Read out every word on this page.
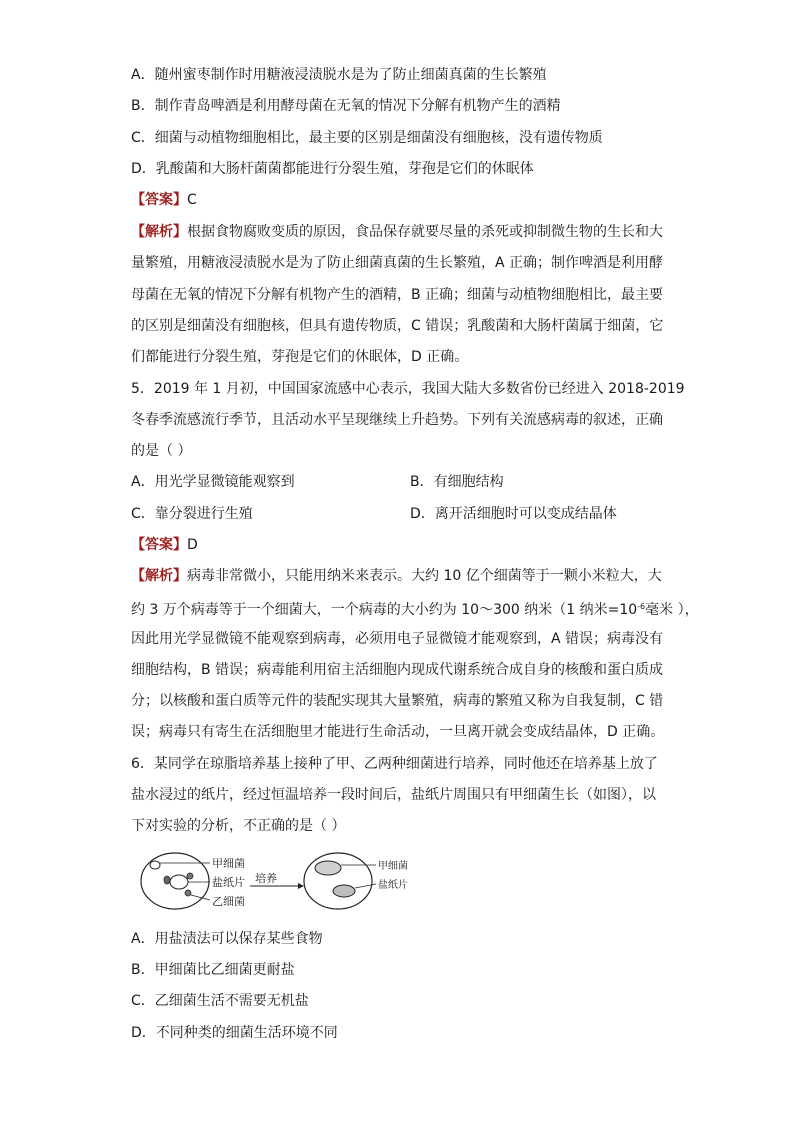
A．随州蜜枣制作时用糖液浸渍脱水是为了防止细菌真菌的生长繁殖
B．制作青岛啤酒是利用酵母菌在无氧的情况下分解有机物产生的酒精
C．细菌与动植物细胞相比，最主要的区别是细菌没有细胞核，没有遗传物质
D．乳酸菌和大肠杆菌菌都能进行分裂生殖，芽孢是它们的休眠体
【答案】C
【解析】根据食物腐败变质的原因，食品保存就要尽量的杀死或抑制微生物的生长和大
量繁殖，用糖液浸渍脱水是为了防止细菌真菌的生长繁殖，A 正确；制作啤酒是利用酵
母菌在无氧的情况下分解有机物产生的酒精，B 正确；细菌与动植物细胞相比，最主要
的区别是细菌没有细胞核，但具有遗传物质，C 错误；乳酸菌和大肠杆菌属于细菌，它
们都能进行分裂生殖，芽孢是它们的休眠体，D 正确。
5．2019 年 1 月初，中国国家流感中心表示，我国大陆大多数省份已经进入 2018-2019
冬春季流感流行季节，且活动水平呈现继续上升趋势。下列有关流感病毒的叙述，正确
的是（ ）
A．用光学显微镜能观察到	B．有细胞结构
C．靠分裂进行生殖	D．离开活细胞时可以变成结晶体
【答案】D
【解析】病毒非常微小，只能用纳米来表示。大约 10 亿个细菌等于一颗小米粒大，大
约 3 万个病毒等于一个细菌大，一个病毒的大小约为 10～300 纳米（1 纳米$=10^{-6}$毫米 ），
因此用光学显微镜不能观察到病毒，必须用电子显微镜才能观察到，A 错误；病毒没有
细胞结构，B 错误；病毒能利用宿主活细胞内现成代谢系统合成自身的核酸和蛋白质成
分；以核酸和蛋白质等元件的装配实现其大量繁殖，病毒的繁殖又称为自我复制，C 错
误；病毒只有寄生在活细胞里才能进行生命活动，一旦离开就会变成结晶体，D 正确。
6．某同学在琼脂培养基上接种了甲、乙两种细菌进行培养，同时他还在培养基上放了
盐水浸过的纸片，经过恒温培养一段时间后，盐纸片周围只有甲细菌生长（如图），以
下对实验的分析，不正确的是（ ）
甲细菌
盐纸片
乙细菌
培养
甲细菌
盐纸片
A．用盐渍法可以保存某些食物
B．甲细菌比乙细菌更耐盐
C．乙细菌生活不需要无机盐
D．不同种类的细菌生活环境不同
